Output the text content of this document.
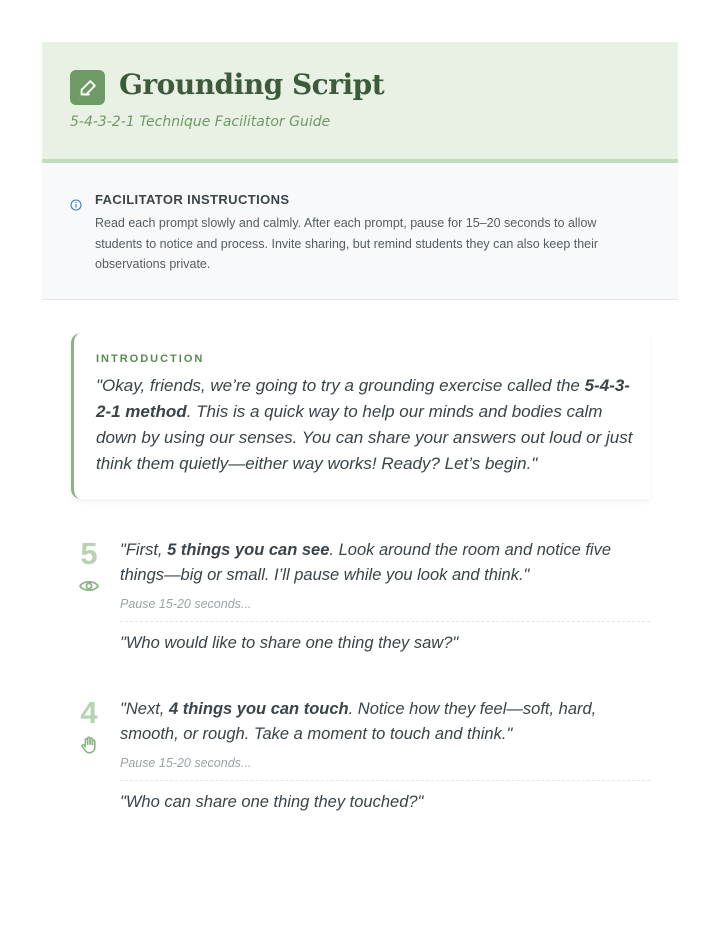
Grounding Script
5-4-3-2-1 Technique Facilitator Guide
FACILITATOR INSTRUCTIONS
Read each prompt slowly and calmly. After each prompt, pause for 15–20 seconds to allow students to notice and process. Invite sharing, but remind students they can also keep their observations private.
INTRODUCTION
"Okay, friends, we’re going to try a grounding exercise called the 5-4-3-2-1 method. This is a quick way to help our minds and bodies calm down by using our senses. You can share your answers out loud or just think them quietly—either way works! Ready? Let’s begin."
5 "First, 5 things you can see. Look around the room and notice five things—big or small. I’ll pause while you look and think."
Pause 15-20 seconds...
"Who would like to share one thing they saw?"
4 "Next, 4 things you can touch. Notice how they feel—soft, hard, smooth, or rough. Take a moment to touch and think."
Pause 15-20 seconds...
"Who can share one thing they touched?"
